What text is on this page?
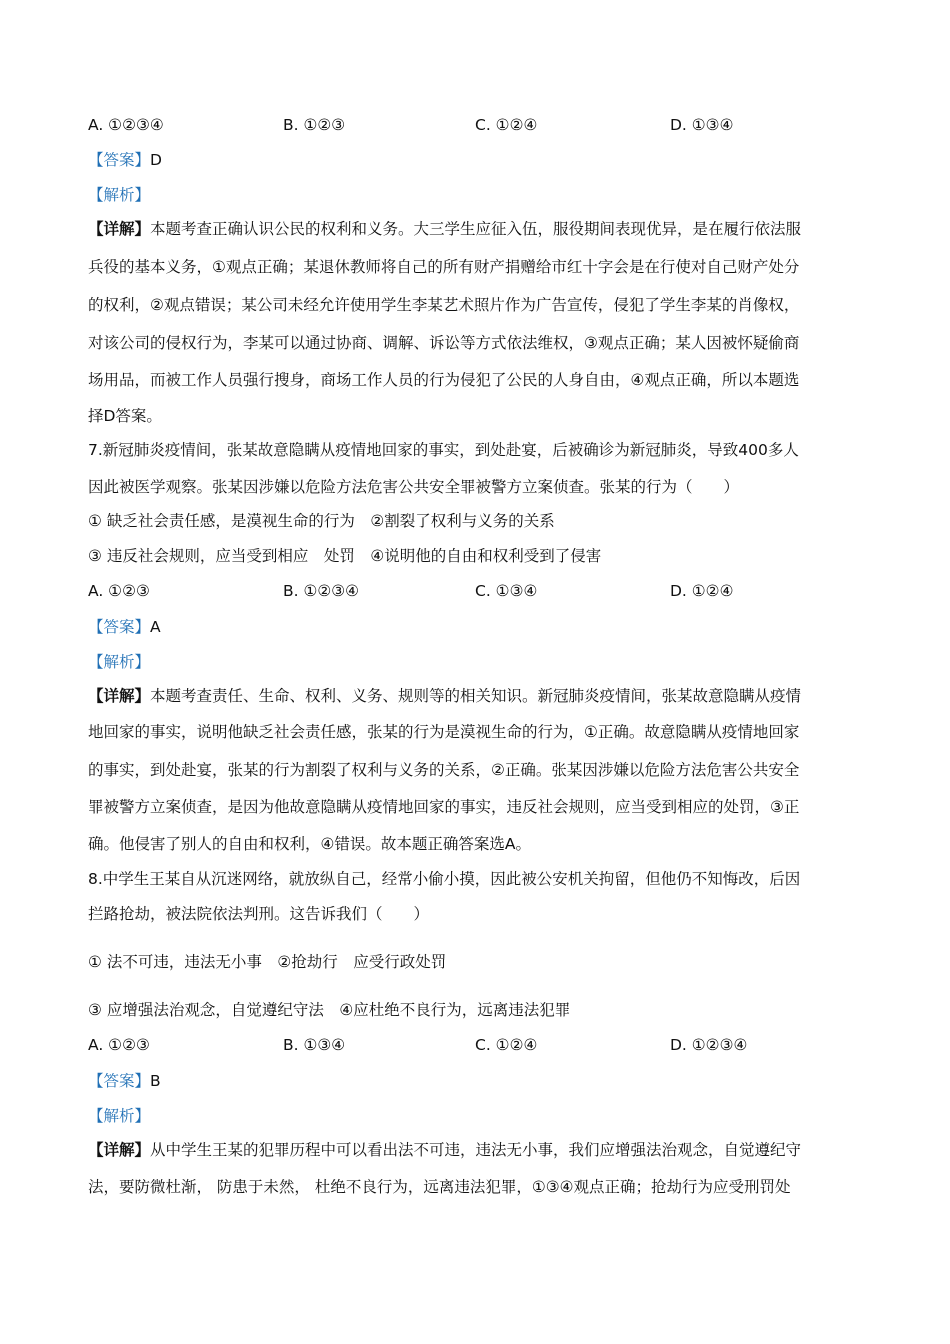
A. ①②③④	B. ①②③	C. ①②④	D. ①③④
【答案】D
【解析】
【详解】本题考查正确认识公民的权利和义务。大三学生应征入伍，服役期间表现优异，是在履行依法服
兵役的基本义务，①观点正确；某退休教师将自己的所有财产捐赠给市红十字会是在行使对自己财产处分
的权利，②观点错误；某公司未经允许使用学生李某艺术照片作为广告宣传，侵犯了学生李某的肖像权，
对该公司的侵权行为，李某可以通过协商、调解、诉讼等方式依法维权，③观点正确；某人因被怀疑偷商
场用品，而被工作人员强行搜身，商场工作人员的行为侵犯了公民的人身自由，④观点正确，所以本题选
择D答案。
7.新冠肺炎疫情间，张某故意隐瞒从疫情地回家的事实，到处赴宴，后被确诊为新冠肺炎，导致400多人
因此被医学观察。张某因涉嫌以危险方法危害公共安全罪被警方立案侦查。张某的行为（　　）
① 缺乏社会责任感，是漠视生命的行为　②割裂了权利与义务的关系
③ 违反社会规则，应当受到相应　处罚　④说明他的自由和权利受到了侵害
A. ①②③	B. ①②③④	C. ①③④	D. ①②④
【答案】A
【解析】
【详解】本题考查责任、生命、权利、义务、规则等的相关知识。新冠肺炎疫情间，张某故意隐瞒从疫情
地回家的事实，说明他缺乏社会责任感，张某的行为是漠视生命的行为，①正确。故意隐瞒从疫情地回家
的事实，到处赴宴，张某的行为割裂了权利与义务的关系，②正确。张某因涉嫌以危险方法危害公共安全
罪被警方立案侦查，是因为他故意隐瞒从疫情地回家的事实，违反社会规则，应当受到相应的处罚，③正
确。他侵害了别人的自由和权利，④错误。故本题正确答案选A。
8.中学生王某自从沉迷网络，就放纵自己，经常小偷小摸，因此被公安机关拘留，但他仍不知悔改，后因
拦路抢劫，被法院依法判刑。这告诉我们（　　）
① 法不可违，违法无小事　②抢劫行　应受行政处罚
③ 应增强法治观念，自觉遵纪守法　④应杜绝不良行为，远离违法犯罪
A. ①②③	B. ①③④	C. ①②④	D. ①②③④
【答案】B
【解析】
【详解】从中学生王某的犯罪历程中可以看出法不可违，违法无小事，我们应增强法治观念，自觉遵纪守
法，要防微杜渐， 防患于未然， 杜绝不良行为，远离违法犯罪，①③④观点正确；抢劫行为应受刑罚处
